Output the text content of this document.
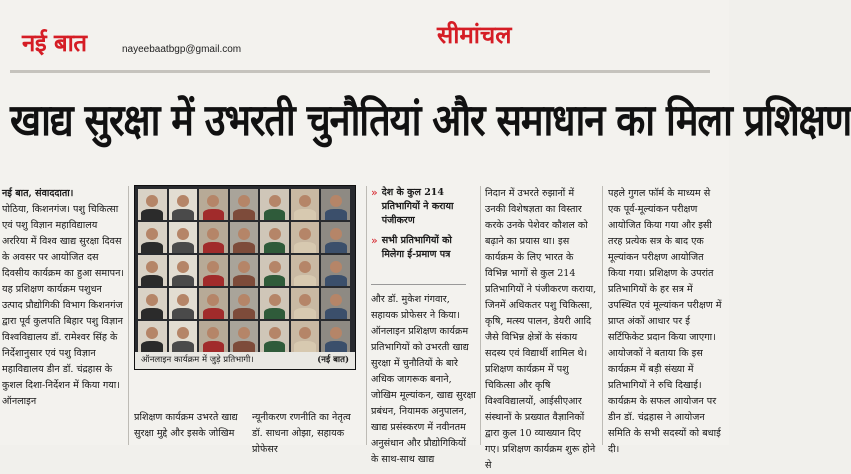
नई बात	nayeebaatbgp@gmail.com
सीमांचल
खाद्य सुरक्षा में उभरती चुनौतियां और समाधान का मिला प्रशिक्षण
नई बात, संवाददाता।
पोठिया, किशनगंज। पशु चिकित्सा एवं पशु विज्ञान महाविद्यालय अररिया में विश्व खाद्य सुरक्षा दिवस के अवसर पर आयोजित दस दिवसीय कार्यक्रम का हुआ समापन। यह प्रशिक्षण कार्यक्रम पशुधन उत्पाद प्रौद्योगिकी विभाग किशनगंज द्वारा पूर्व कुलपति बिहार पशु विज्ञान विश्वविद्यालय डॉ. रामेश्वर सिंह के निर्देशानुसार एवं पशु विज्ञान महाविद्यालय डीन डॉ. चंद्रहास के कुशल दिशा-निर्देशन में किया गया। ऑनलाइन
ऑनलाइन कार्यक्रम में जुड़े प्रतिभागी।	(नई बात)
प्रशिक्षण कार्यक्रम उभरते खाद्य सुरक्षा मुद्दे और इसके जोखिम
न्यूनीकरण रणनीति का नेतृत्व डॉ. साधना ओझा, सहायक प्रोफेसर
» देश के कुल 214 प्रतिभागियों ने कराया पंजीकरण
» सभी प्रतिभागियों को मिलेगा ई-प्रमाण पत्र
और डॉ. मुकेश गंगवार, सहायक प्रोफेसर ने किया। ऑनलाइन प्रशिक्षण कार्यक्रम प्रतिभागियों को उभरती खाद्य सुरक्षा में चुनौतियों के बारे अधिक जागरूक बनाने, जोखिम मूल्यांकन, खाद्य सुरक्षा प्रबंधन, नियामक अनुपालन, खाद्य प्रसंस्करण में नवीनतम अनुसंधान और प्रौद्योगिकियों के साथ-साथ खाद्य
निदान में उभरते रुझानों में उनकी विशेषज्ञता का विस्तार करके उनके पेशेवर कौशल को बढ़ाने का प्रयास था। इस कार्यक्रम के लिए भारत के विभिन्न भागों से कुल 214 प्रतिभागियों ने पंजीकरण कराया, जिनमें अधिकतर पशु चिकित्सा, कृषि, मत्स्य पालन, डेयरी आदि जैसे विभिन्न क्षेत्रों के संकाय सदस्य एवं विद्यार्थी शामिल थे। प्रशिक्षण कार्यक्रम में पशु चिकित्सा और कृषि विश्वविद्यालयों, आईसीएआर संस्थानों के प्रख्यात वैज्ञानिकों द्वारा कुल 10 व्याख्यान दिए गए। प्रशिक्षण कार्यक्रम शुरू होने से
पहले गुगल फॉर्म के माध्यम से एक पूर्व-मूल्यांकन परीक्षण आयोजित किया गया और इसी तरह प्रत्येक सत्र के बाद एक मूल्यांकन परीक्षण आयोजित किया गया। प्रशिक्षण के उपरांत प्रतिभागियों के हर सत्र में उपस्थित एवं मूल्यांकन परीक्षण में प्राप्त अंकों आधार पर ई सर्टिफिकेट प्रदान किया जाएगा। आयोजकों ने बताया कि इस कार्यक्रम में बड़ी संख्या में प्रतिभागियों ने रुचि दिखाई। कार्यक्रम के सफल आयोजन पर डीन डॉ. चंद्रहास ने आयोजन समिति के सभी सदस्यों को बधाई दी।
